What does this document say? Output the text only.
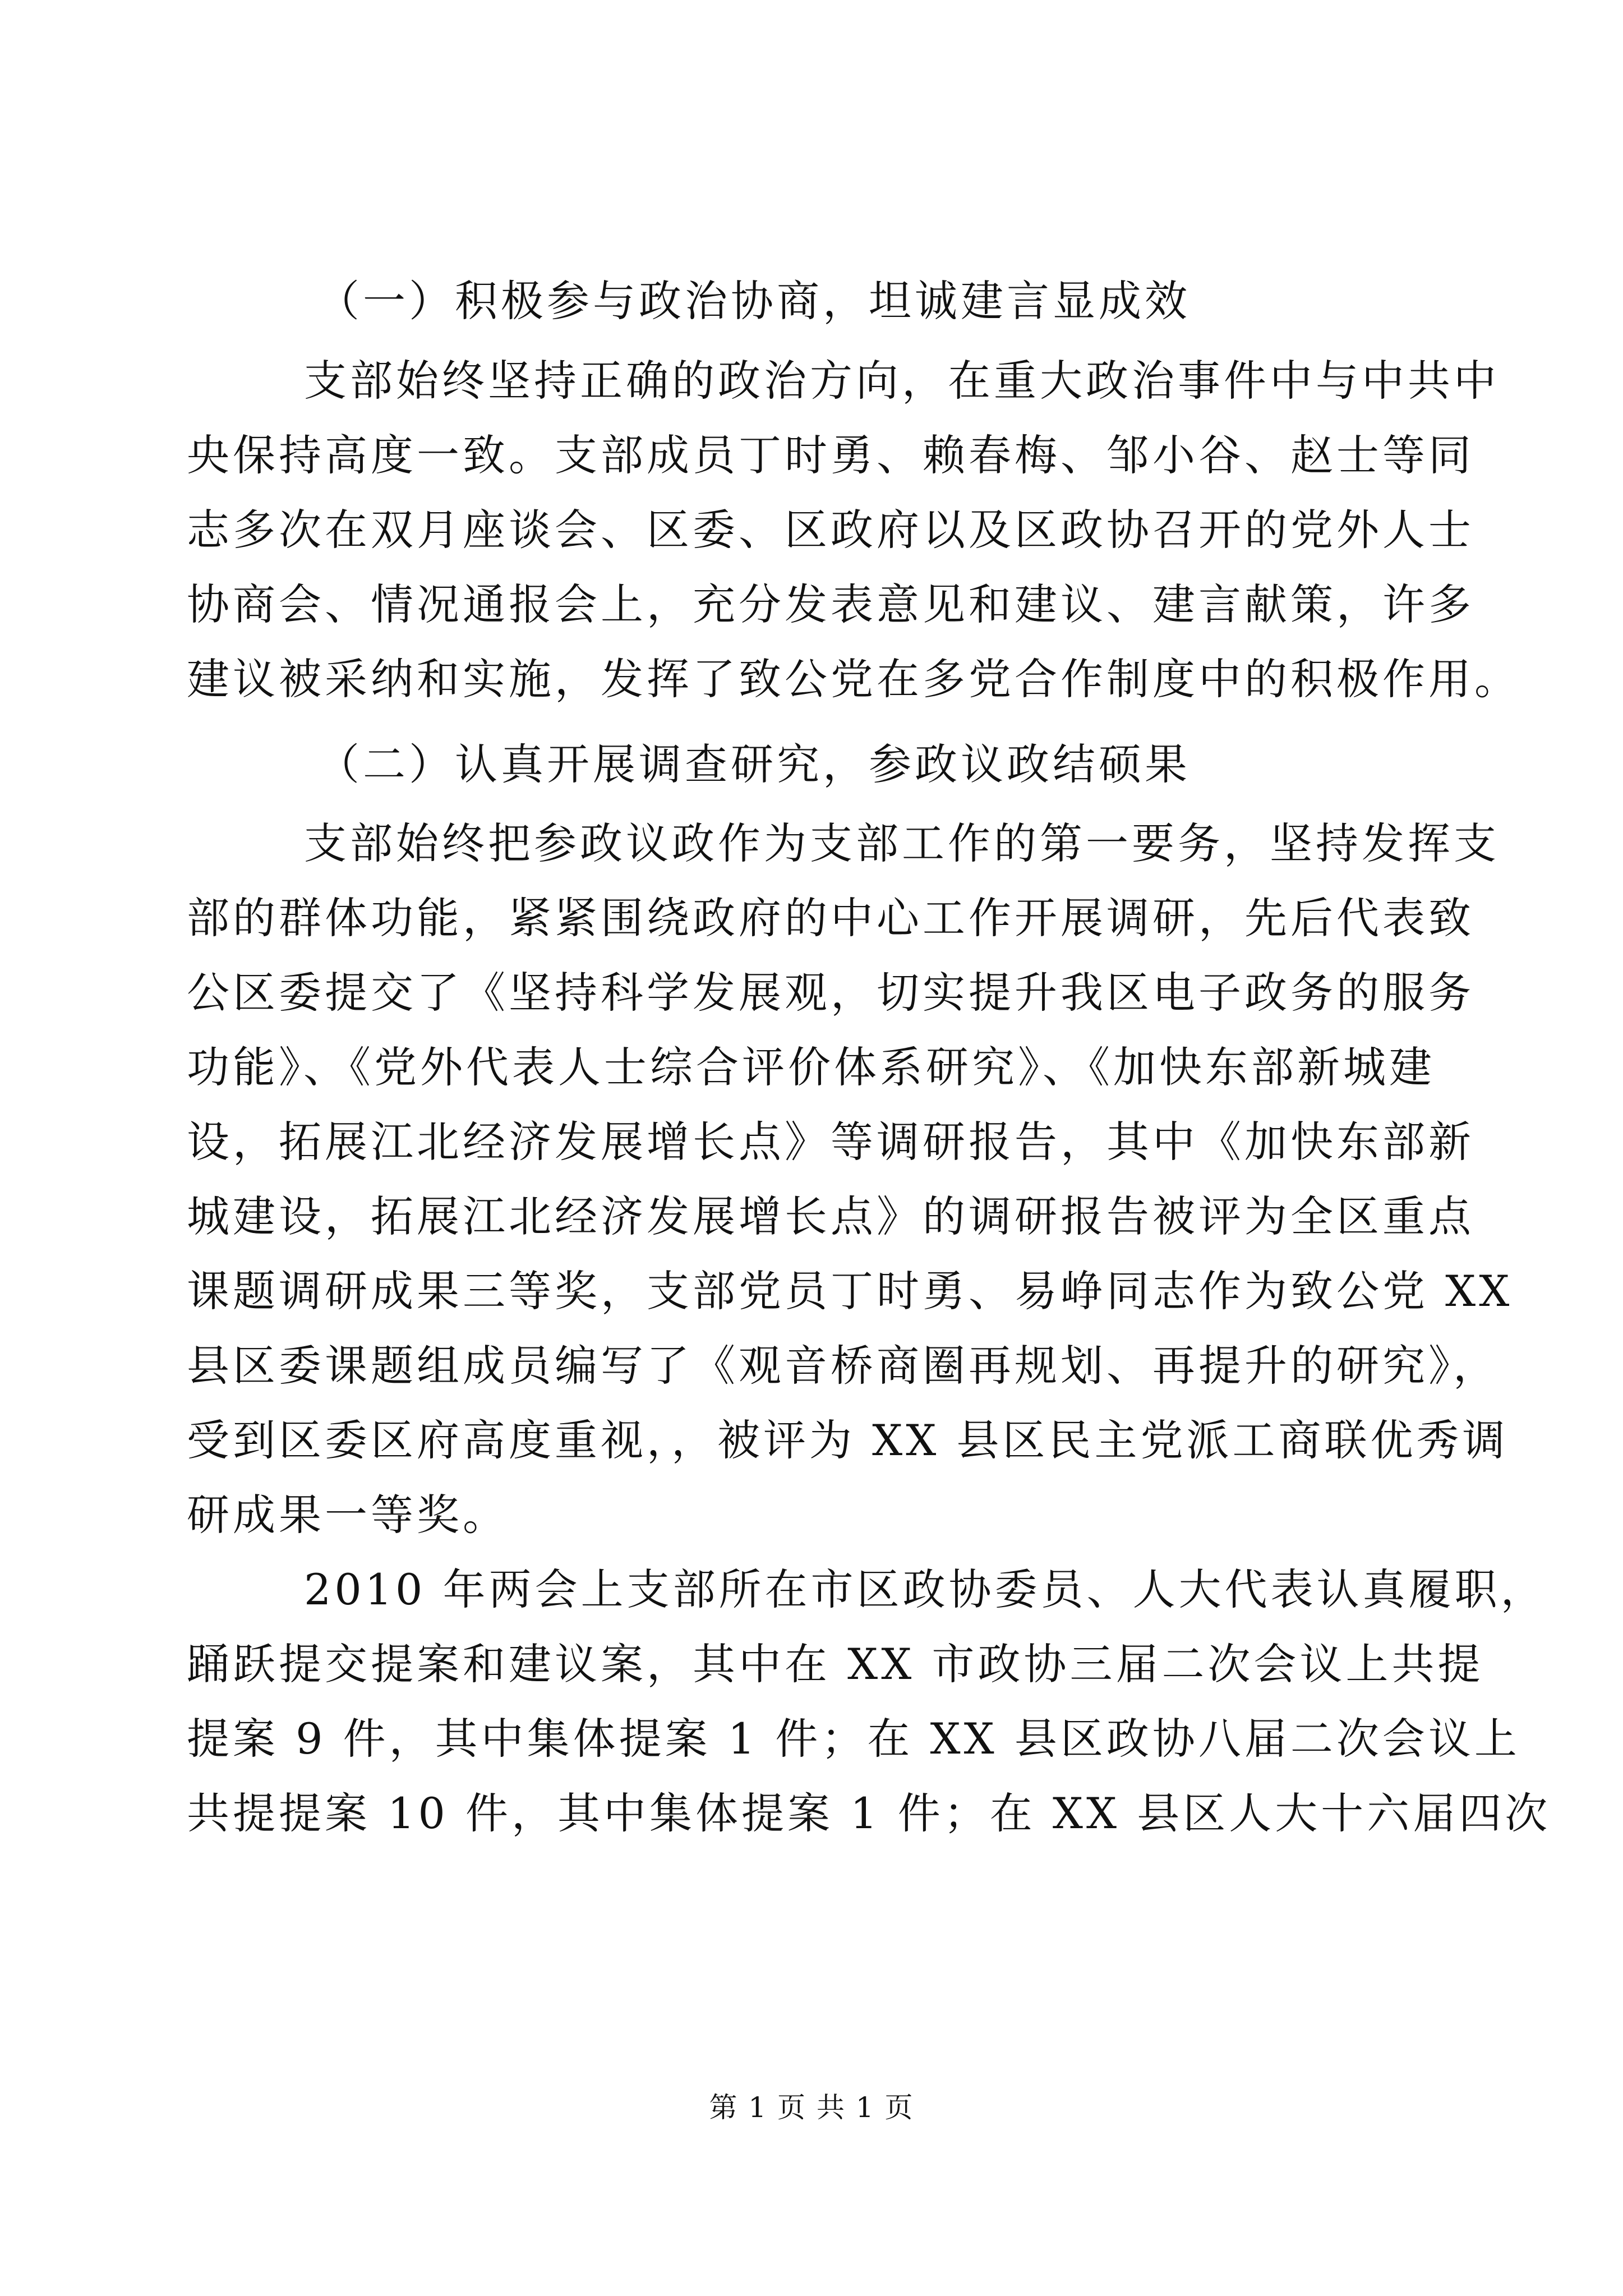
（一）积极参与政治协商，坦诚建言显成效
支部始终坚持正确的政治方向，在重大政治事件中与中共中
央保持高度一致。支部成员丁时勇、赖春梅、邹小谷、赵士等同
志多次在双月座谈会、区委、区政府以及区政协召开的党外人士
协商会、情况通报会上，充分发表意见和建议、建言献策，许多
建议被采纳和实施，发挥了致公党在多党合作制度中的积极作用。
（二）认真开展调查研究，参政议政结硕果
支部始终把参政议政作为支部工作的第一要务，坚持发挥支
部的群体功能，紧紧围绕政府的中心工作开展调研，先后代表致
公区委提交了《坚持科学发展观，切实提升我区电子政务的服务
功能》、《党外代表人士综合评价体系研究》、《加快东部新城建
设，拓展江北经济发展增长点》等调研报告，其中《加快东部新
城建设，拓展江北经济发展增长点》的调研报告被评为全区重点
课题调研成果三等奖，支部党员丁时勇、易峥同志作为致公党 XX
县区委课题组成员编写了《观音桥商圈再规划、再提升的研究》，
受到区委区府高度重视，，被评为 XX 县区民主党派工商联优秀调
研成果一等奖。
2010 年两会上支部所在市区政协委员、人大代表认真履职，
踊跃提交提案和建议案，其中在 XX 市政协三届二次会议上共提
提案 9 件，其中集体提案 1 件；在 XX 县区政协八届二次会议上
共提提案 10 件，其中集体提案 1 件；在 XX 县区人大十六届四次
第 1 页 共 1 页
